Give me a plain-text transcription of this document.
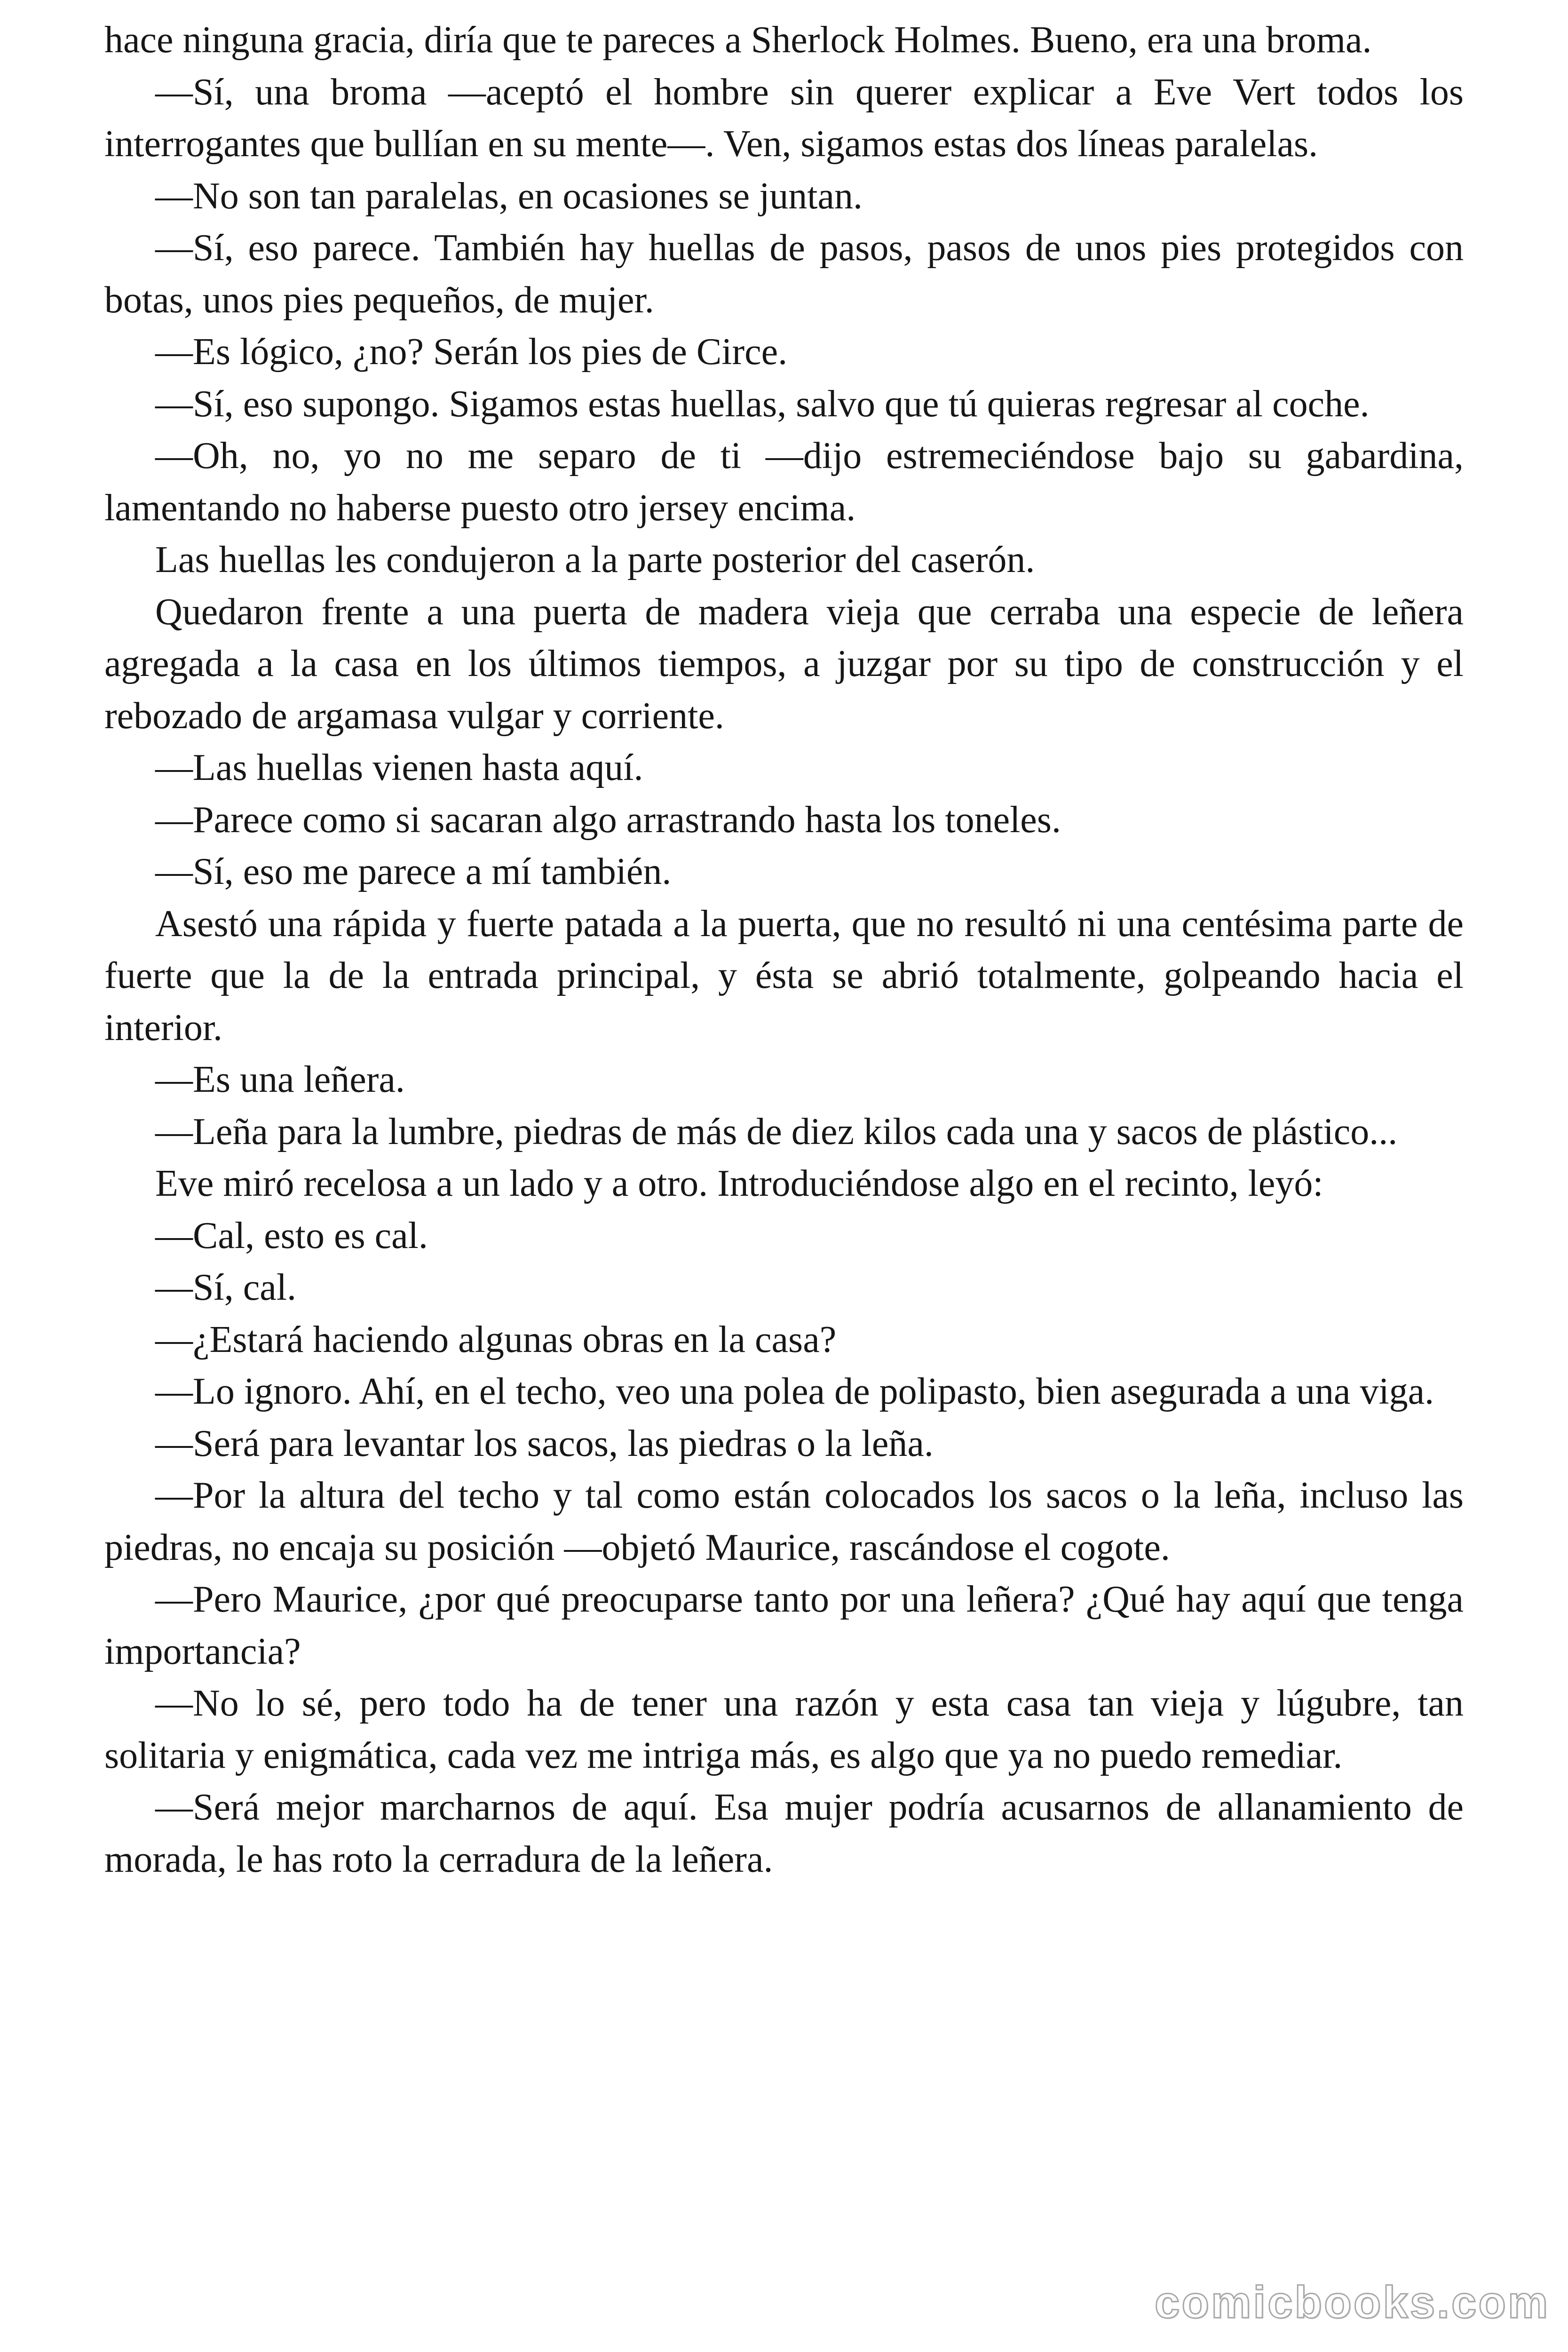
hace ninguna gracia, diría que te pareces a Sherlock Holmes. Bueno, era una broma.

—Sí, una broma —aceptó el hombre sin querer explicar a Eve Vert todos los interrogantes que bullían en su mente—. Ven, sigamos estas dos líneas paralelas.

—No son tan paralelas, en ocasiones se juntan.

—Sí, eso parece. También hay huellas de pasos, pasos de unos pies protegidos con botas, unos pies pequeños, de mujer.

—Es lógico, ¿no? Serán los pies de Circe.

—Sí, eso supongo. Sigamos estas huellas, salvo que tú quieras regresar al coche.

—Oh, no, yo no me separo de ti —dijo estremeciéndose bajo su gabardina, lamentando no haberse puesto otro jersey encima.

Las huellas les condujeron a la parte posterior del caserón.

Quedaron frente a una puerta de madera vieja que cerraba una especie de leñera agregada a la casa en los últimos tiempos, a juzgar por su tipo de construcción y el rebozado de argamasa vulgar y corriente.

—Las huellas vienen hasta aquí.

—Parece como si sacaran algo arrastrando hasta los toneles.

—Sí, eso me parece a mí también.

Asestó una rápida y fuerte patada a la puerta, que no resultó ni una centésima parte de fuerte que la de la entrada principal, y ésta se abrió totalmente, golpeando hacia el interior.

—Es una leñera.

—Leña para la lumbre, piedras de más de diez kilos cada una y sacos de plástico...

Eve miró recelosa a un lado y a otro. Introduciéndose algo en el recinto, leyó:

—Cal, esto es cal.

—Sí, cal.

—¿Estará haciendo algunas obras en la casa?

—Lo ignoro. Ahí, en el techo, veo una polea de polipasto, bien asegurada a una viga.

—Será para levantar los sacos, las piedras o la leña.

—Por la altura del techo y tal como están colocados los sacos o la leña, incluso las piedras, no encaja su posición —objetó Maurice, rascándose el cogote.

—Pero Maurice, ¿por qué preocuparse tanto por una leñera? ¿Qué hay aquí que tenga importancia?

—No lo sé, pero todo ha de tener una razón y esta casa tan vieja y lúgubre, tan solitaria y enigmática, cada vez me intriga más, es algo que ya no puedo remediar.

—Será mejor marcharnos de aquí. Esa mujer podría acusarnos de allanamiento de morada, le has roto la cerradura de la leñera.

comicbooks.com
